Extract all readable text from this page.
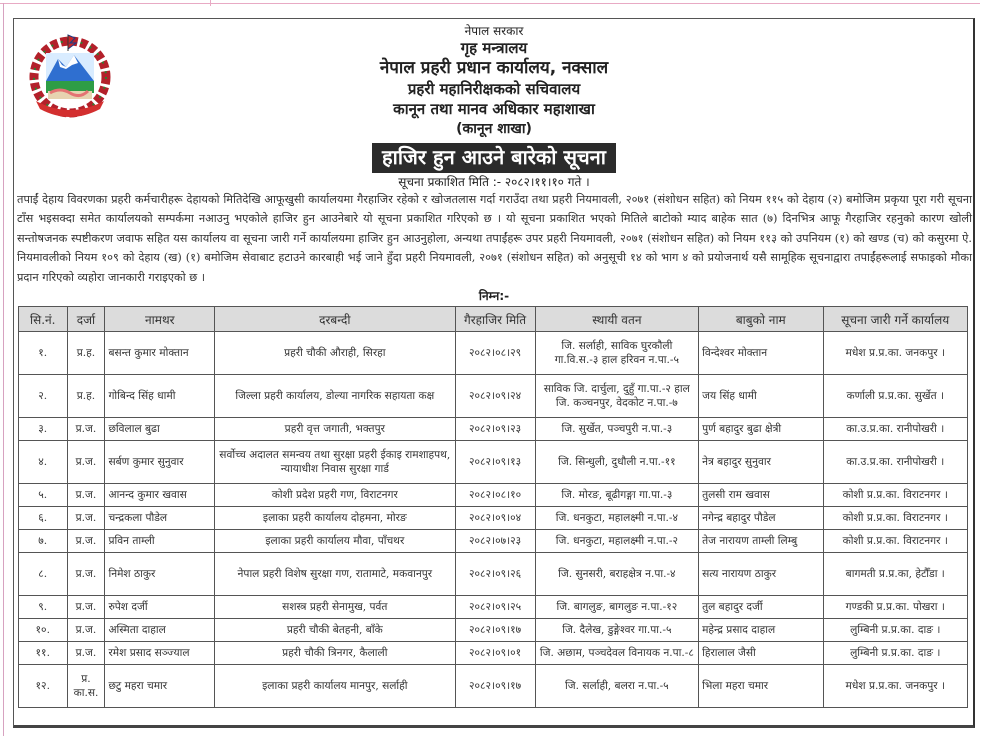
नेपाल सरकार
गृह मन्त्रालय
नेपाल प्रहरी प्रधान कार्यालय, नक्साल
प्रहरी महानिरीक्षकको सचिवालय
कानून तथा मानव अधिकार महाशाखा
(कानून शाखा)
हाजिर हुन आउने बारेको सूचना
सूचना प्रकाशित मिति :- २०८२।११।१० गते ।
तपाईं देहाय विवरणका प्रहरी कर्मचारीहरू देहायको मितिदेखि आफूखुसी कार्यालयमा गैरहाजिर रहेको र खोजतलास गर्दा गराउँदा तथा प्रहरी नियमावली, २०७१ (संशोधन सहित) को नियम ११५ को देहाय (२) बमोजिम प्रकृया पूरा गरी सूचना टाँस भइसक्दा समेत कार्यालयको सम्पर्कमा नआउनु भएकोले हाजिर हुन आउनेबारे यो सूचना प्रकाशित गरिएको छ । यो सूचना प्रकाशित भएको मितिले बाटोको म्याद बाहेक सात (७) दिनभित्र आफू गैरहाजिर रहनुको कारण खोली सन्तोषजनक स्पष्टीकरण जवाफ सहित यस कार्यालय वा सूचना जारी गर्ने कार्यालयमा हाजिर हुन आउनुहोला, अन्यथा तपाईंहरू उपर प्रहरी नियमावली, २०७१ (संशोधन सहित) को नियम ११३ को उपनियम (१) को खण्ड (च) को कसुरमा ऐ. नियमावलीको नियम १०९ को देहाय (ख) (१) बमोजिम सेवाबाट हटाउने कारबाही भई जाने हुँदा प्रहरी नियमावली, २०७१ (संशोधन सहित) को अनुसूची १४ को भाग ४ को प्रयोजनार्थ यसै सामूहिक सूचनाद्वारा तपाईंहरूलाई सफाइको मौका प्रदान गरिएको व्यहोरा जानकारी गराइएको छ ।
निम्न:-
सि.नं.	दर्जा	नामथर	दरबन्दी	गैरहाजिर मिति	स्थायी वतन	बाबुको नाम	सूचना जारी गर्ने कार्यालय
१.	प्र.ह.	बसन्त कुमार मोक्तान	प्रहरी चौकी औराही, सिरहा	२०८२।०८।२९	जि. सर्लाही, साविक घुरकौली गा.वि.स.-३ हाल हरिवन न.पा.-५	विन्देश्वर मोक्तान	मधेश प्र.प्र.का. जनकपुर ।
२.	प्र.ह.	गोबिन्द सिंह धामी	जिल्ला प्रहरी कार्यालय, डोल्या नागरिक सहायता कक्ष	२०८२।०९।२४	साविक जि. दार्चुला, दुहुँ गा.पा.-२ हाल जि. कञ्चनपुर, वेदकोट न.पा.-७	जय सिंह धामी	कर्णाली प्र.प्र.का. सुर्खेत ।
३.	प्र.ज.	छविलाल बुढा	प्रहरी वृत्त जगाती, भक्तपुर	२०८२।०९।२३	जि. सुर्खेत, पञ्चपुरी न.पा.-३	पुर्ण बहादुर बुढा क्षेत्री	का.उ.प्र.का. रानीपोखरी ।
४.	प्र.ज.	सर्बण कुमार सुनुवार	सर्वोच्च अदालत समन्वय तथा सुरक्षा प्रहरी ईकाइ रामशाहपथ, न्यायाधीश निवास सुरक्षा गार्ड	२०८२।०९।१३	जि. सिन्धुली, दुधौली न.पा.-११	नेत्र बहादुर सुनुवार	का.उ.प्र.का. रानीपोखरी ।
५.	प्र.ज.	आनन्द कुमार खवास	कोशी प्रदेश प्रहरी गण, विराटनगर	२०८२।०८।१०	जि. मोरङ, बूढीगङ्गा गा.पा.-३	तुलसी राम खवास	कोशी प्र.प्र.का. विराटनगर ।
६.	प्र.ज.	चन्द्रकला पौडेल	इलाका प्रहरी कार्यालय दोहमना, मोरङ	२०८२।०९।०४	जि. धनकुटा, महालक्ष्मी न.पा.-४	नगेन्द्र बहादुर पौडेल	कोशी प्र.प्र.का. विराटनगर ।
७.	प्र.ज.	प्रविन ताम्ली	इलाका प्रहरी कार्यालय मौवा, पाँचथर	२०८२।०७।२३	जि. धनकुटा, महालक्ष्मी न.पा.-२	तेज नारायण ताम्ली लिम्बु	कोशी प्र.प्र.का. विराटनगर ।
८.	प्र.ज.	निमेश ठाकुर	नेपाल प्रहरी विशेष सुरक्षा गण, रातामाटे, मकवानपुर	२०८२।०९।२६	जि. सुनसरी, बराहक्षेत्र न.पा.-४	सत्य नारायण ठाकुर	बागमती प्र.प्र.का, हेटौँडा ।
९.	प्र.ज.	रुपेश दर्जी	सशस्त्र प्रहरी सेनामुख, पर्वत	२०८२।०९।२५	जि. बागलुङ, बागलुङ न.पा.-१२	तुल बहादुर दर्जी	गण्डकी प्र.प्र.का. पोखरा ।
१०.	प्र.ज.	अस्मिता दाहाल	प्रहरी चौकी बेतहनी, बाँके	२०८२।०९।१७	जि. दैलेख, डुङ्गेश्वर गा.पा.-५	महेन्द्र प्रसाद दाहाल	लुम्बिनी प्र.प्र.का. दाङ ।
११.	प्र.ज.	रमेश प्रसाद सञ्ज्याल	प्रहरी चौकी त्रिनगर, कैलाली	२०८२।०९।०१	जि. अछाम, पञ्चदेवल विनायक न.पा.-८	हिरालाल जैसी	लुम्बिनी प्र.प्र.का. दाङ ।
१२.	प्र. का.स.	छटु महरा चमार	इलाका प्रहरी कार्यालय मानपुर, सर्लाही	२०८२।०९।१७	जि. सर्लाही, बलरा न.पा.-५	भिला महरा चमार	मधेश प्र.प्र.का. जनकपुर ।
